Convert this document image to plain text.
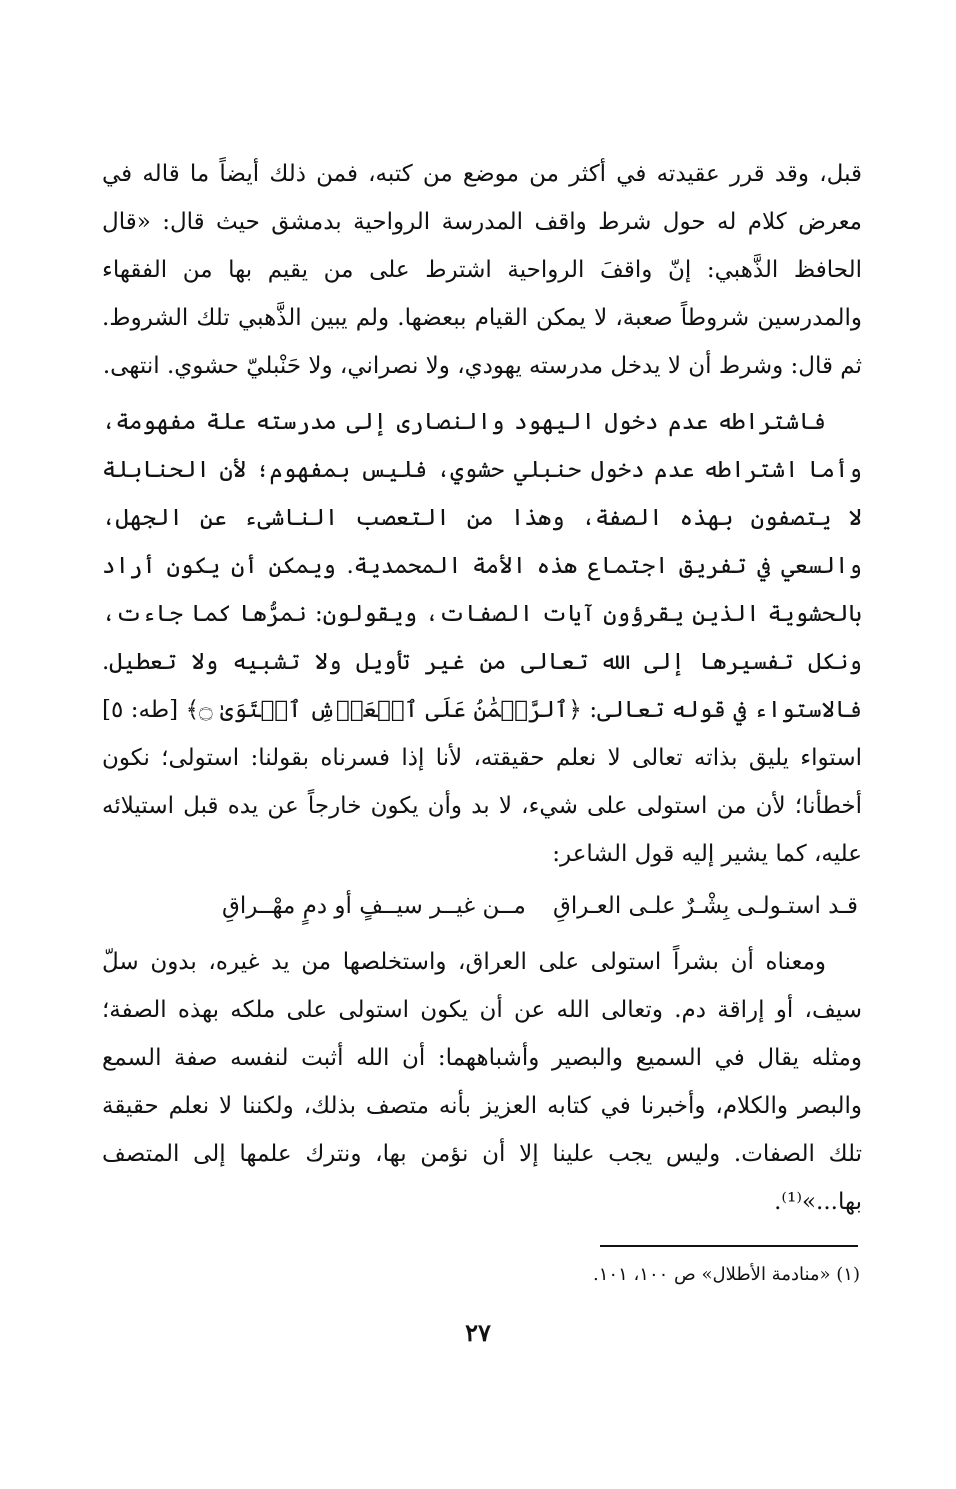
قبل، وقد قرر عقيدته في أكثر من موضع من كتبه، فمن ذلك أيضاً ما قاله في معرض كلام له حول شرط واقف المدرسة الرواحية بدمشق حيث قال: «قال الحافظ الذَّهبي: إنّ واقفَ الرواحية اشترط على من يقيم بها من الفقهاء والمدرسين شروطاً صعبة، لا يمكن القيام ببعضها. ولم يبين الذَّهبي تلك الشروط. ثم قال: وشرط أن لا يدخل مدرسته يهودي، ولا نصراني، ولا حَنْبليّ حشوي. انتهى.

فاشتراطه عدم دخول اليهود والنصارى إلى مدرسته علة مفهومة، وأما اشتراطه عدم دخول حنبلي حشوي، فليس بمفهوم؛ لأن الحنابلة لا يتصفون بهذه الصفة، وهذا من التعصب الناشىء عن الجهل، والسعي في تفريق اجتماع هذه الأمة المحمدية. ويمكن أن يكون أراد بالحشوية الذين يقرؤون آيات الصفات، ويقولون: نمرُّها كما جاءت، ونكل تفسيرها إلى الله تعالى من غير تأويل ولا تشبيه ولا تعطيل. فالاستواء في قوله تعالى: ﴿ٱلرَّحۡمَٰنُ عَلَى ٱلۡعَرۡشِ ٱسۡتَوَىٰ ۝﴾ [طه: ٥] استواء يليق بذاته تعالى لا نعلم حقيقته، لأنا إذا فسرناه بقولنا: استولى؛ نكون أخطأنا؛ لأن من استولى على شيء، لا بد وأن يكون خارجاً عن يده قبل استيلائه عليه، كما يشير إليه قول الشاعر:

قـد استـولـى بِشْـرٌ علـى العـراقِ
مــن غيــر سيــفٍ أو دمٍ مهْــراقِ

ومعناه أن بشراً استولى على العراق، واستخلصها من يد غيره، بدون سلّ سيف، أو إراقة دم. وتعالى الله عن أن يكون استولى على ملكه بهذه الصفة؛ ومثله يقال في السميع والبصير وأشباههما: أن الله أثبت لنفسه صفة السمع والبصر والكلام، وأخبرنا في كتابه العزيز بأنه متصف بذلك، ولكننا لا نعلم حقيقة تلك الصفات. وليس يجب علينا إلا أن نؤمن بها، ونترك علمها إلى المتصف بها...»⁽¹⁾.

(١) «منادمة الأطلال» ص ١٠٠، ١٠١.
٢٧
